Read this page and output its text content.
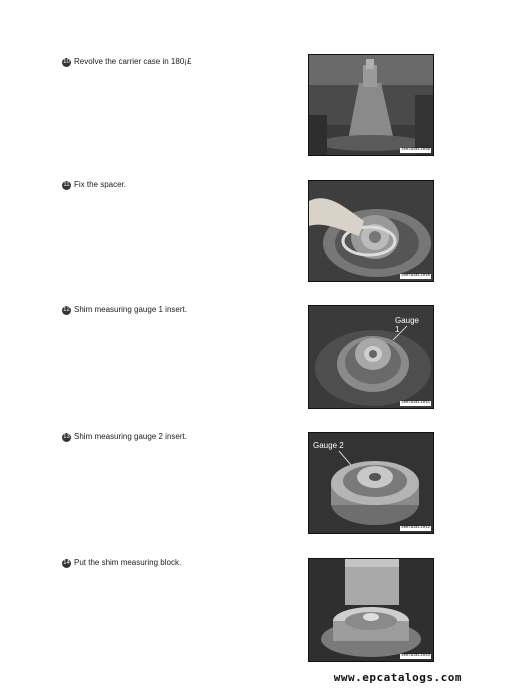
10 Revolve the carrier case in 180¡£
2007A3EL1039
11 Fix the spacer.
2007A3EL1040
12 Shim measuring gauge 1 insert.
Gauge 1
2007A3EL1041
13 Shim measuring gauge 2 insert.
Gauge 2
2007A3EL1042
14 Put the shim measuring block.
2007A3EL1043
www.epcatalogs.com
